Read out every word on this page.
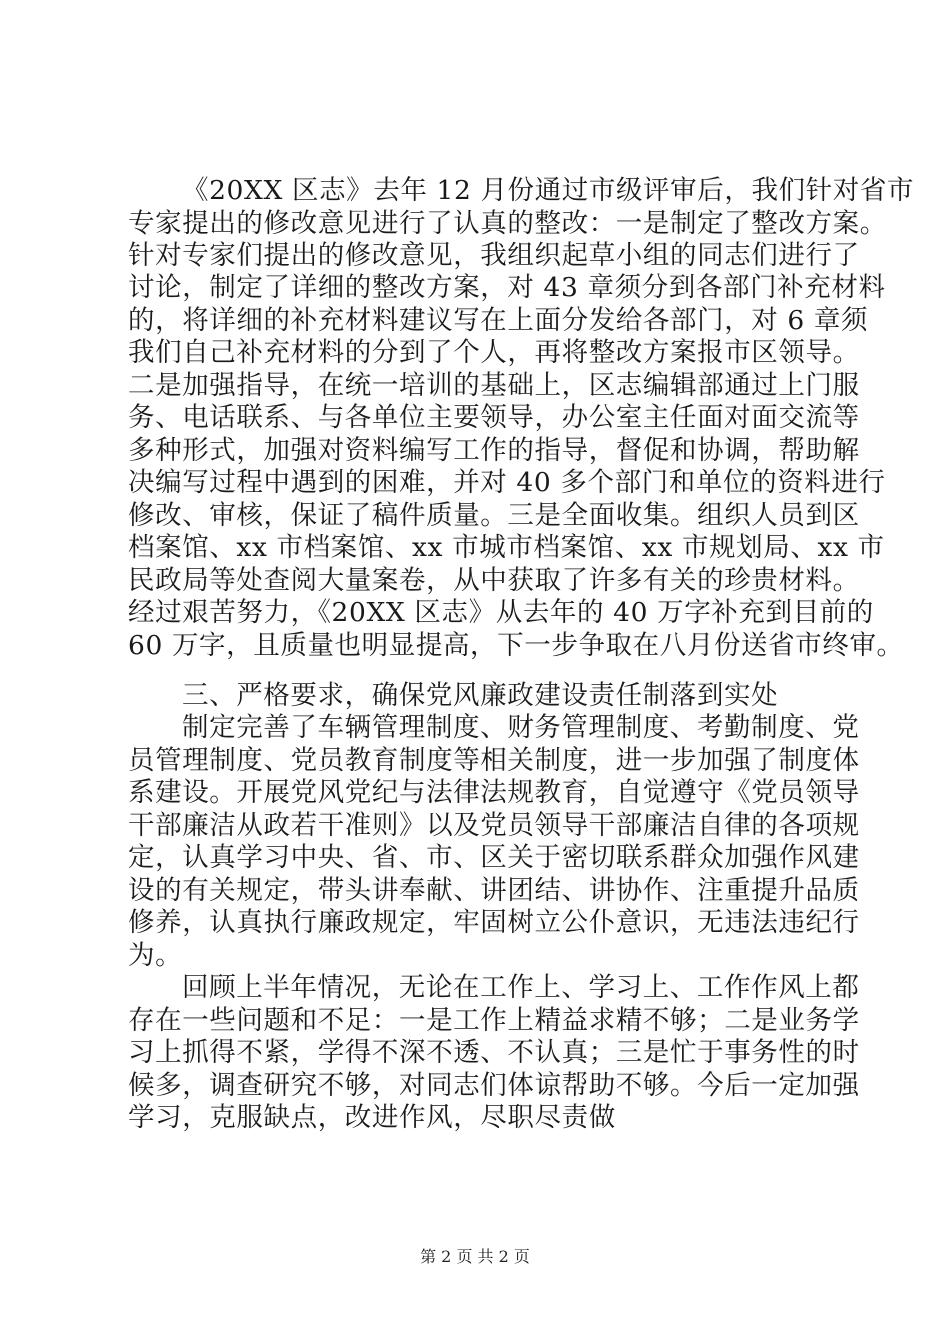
《20XX 区志》去年 12 月份通过市级评审后，我们针对省市
专家提出的修改意见进行了认真的整改：一是制定了整改方案。
针对专家们提出的修改意见，我组织起草小组的同志们进行了
讨论，制定了详细的整改方案，对 43 章须分到各部门补充材料
的，将详细的补充材料建议写在上面分发给各部门，对 6 章须
我们自己补充材料的分到了个人，再将整改方案报市区领导。
二是加强指导，在统一培训的基础上，区志编辑部通过上门服
务、电话联系、与各单位主要领导，办公室主任面对面交流等
多种形式，加强对资料编写工作的指导，督促和协调，帮助解
决编写过程中遇到的困难，并对 40 多个部门和单位的资料进行
修改、审核，保证了稿件质量。三是全面收集。组织人员到区
档案馆、xx 市档案馆、xx 市城市档案馆、xx 市规划局、xx 市
民政局等处查阅大量案卷，从中获取了许多有关的珍贵材料。
经过艰苦努力，《20XX 区志》从去年的 40 万字补充到目前的
60 万字，且质量也明显提高，下一步争取在八月份送省市终审。
三、严格要求，确保党风廉政建设责任制落到实处
制定完善了车辆管理制度、财务管理制度、考勤制度、党
员管理制度、党员教育制度等相关制度，进一步加强了制度体
系建设。开展党风党纪与法律法规教育，自觉遵守《党员领导
干部廉洁从政若干准则》以及党员领导干部廉洁自律的各项规
定，认真学习中央、省、市、区关于密切联系群众加强作风建
设的有关规定，带头讲奉献、讲团结、讲协作、注重提升品质
修养，认真执行廉政规定，牢固树立公仆意识，无违法违纪行
为。
回顾上半年情况，无论在工作上、学习上、工作作风上都
存在一些问题和不足：一是工作上精益求精不够；二是业务学
习上抓得不紧，学得不深不透、不认真；三是忙于事务性的时
候多，调查研究不够，对同志们体谅帮助不够。今后一定加强
学习，克服缺点，改进作风，尽职尽责做
第 2 页 共 2 页
